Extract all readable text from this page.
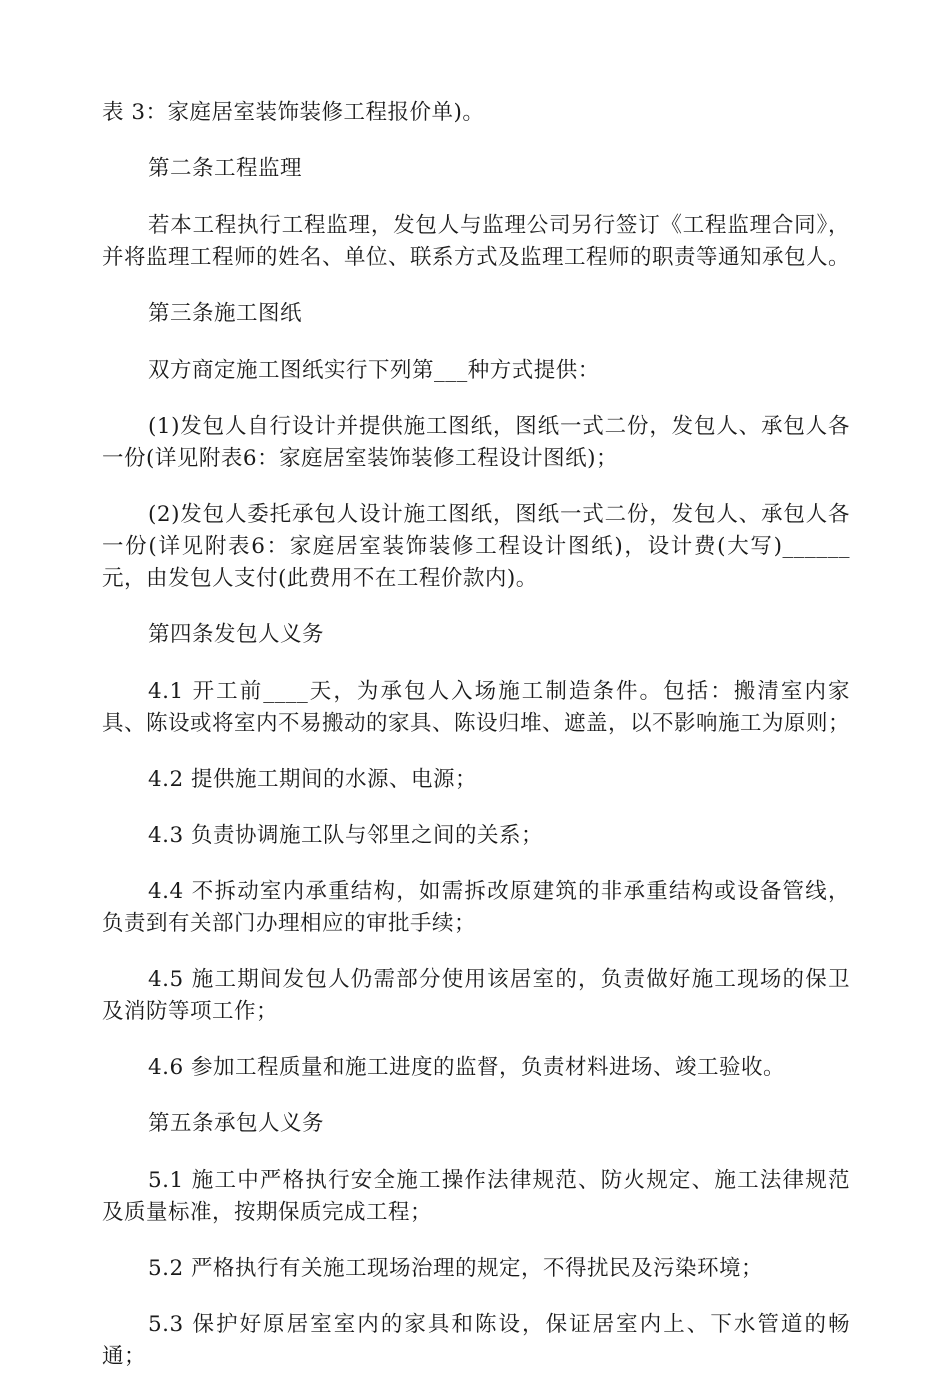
表 3：家庭居室装饰装修工程报价单)。

第二条工程监理

若本工程执行工程监理，发包人与监理公司另行签订《工程监理合同》，并将监理工程师的姓名、单位、联系方式及监理工程师的职责等通知承包人。

第三条施工图纸

双方商定施工图纸实行下列第___种方式提供：

(1)发包人自行设计并提供施工图纸，图纸一式二份，发包人、承包人各一份(详见附表6：家庭居室装饰装修工程设计图纸)；

(2)发包人委托承包人设计施工图纸，图纸一式二份，发包人、承包人各一份(详见附表6：家庭居室装饰装修工程设计图纸)，设计费(大写)______元，由发包人支付(此费用不在工程价款内)。

第四条发包人义务

4.1 开工前____天，为承包人入场施工制造条件。包括：搬清室内家具、陈设或将室内不易搬动的家具、陈设归堆、遮盖，以不影响施工为原则；

4.2 提供施工期间的水源、电源；

4.3 负责协调施工队与邻里之间的关系；

4.4 不拆动室内承重结构，如需拆改原建筑的非承重结构或设备管线，负责到有关部门办理相应的审批手续；

4.5 施工期间发包人仍需部分使用该居室的，负责做好施工现场的保卫及消防等项工作；

4.6 参加工程质量和施工进度的监督，负责材料进场、竣工验收。

第五条承包人义务

5.1 施工中严格执行安全施工操作法律规范、防火规定、施工法律规范及质量标准，按期保质完成工程；

5.2 严格执行有关施工现场治理的规定，不得扰民及污染环境；

5.3 保护好原居室室内的家具和陈设，保证居室内上、下水管道的畅通；
